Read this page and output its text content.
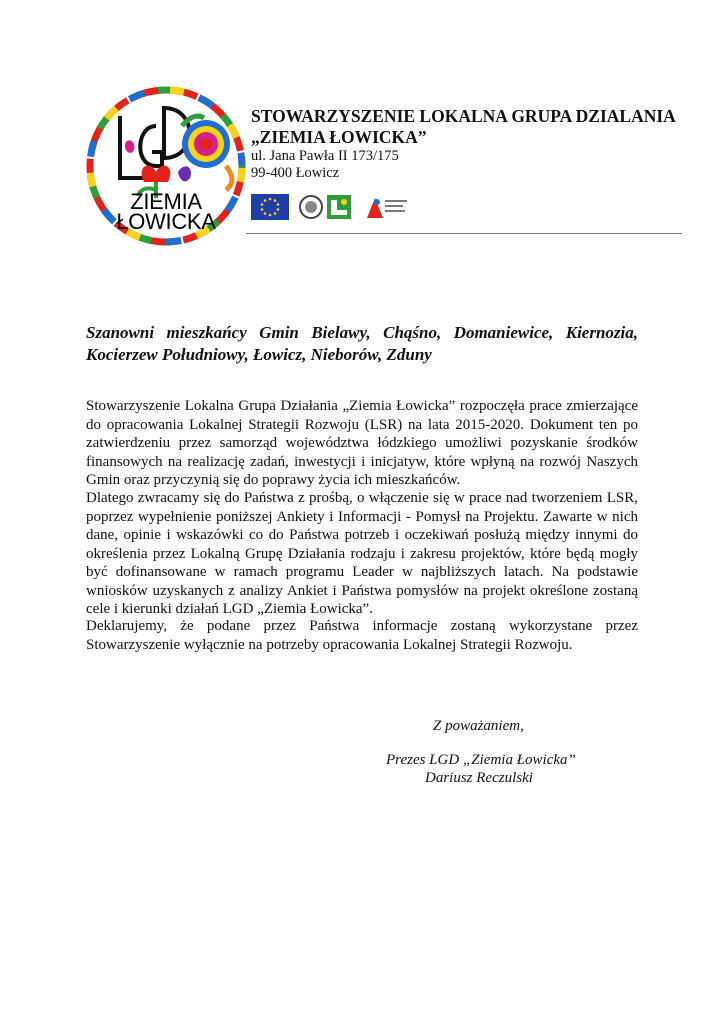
ZIEMIA
ŁOWICKA
STOWARZYSZENIE LOKALNA GRUPA DZIALANIA
„ZIEMIA ŁOWICKA”
ul. Jana Pawła II 173/175
99-400 Łowicz
Szanowni mieszkańcy Gmin Bielawy, Chąśno, Domaniewice, Kiernozia, Kocierzew Południowy, Łowicz, Nieborów, Zduny
Stowarzyszenie Lokalna Grupa Działania „Ziemia Łowicka” rozpoczęła prace zmierzające do opracowania Lokalnej Strategii Rozwoju (LSR) na lata 2015-2020. Dokument ten po zatwierdzeniu przez samorząd województwa łódzkiego umożliwi pozyskanie środków finansowych na realizację zadań, inwestycji i inicjatyw, które wpłyną na rozwój Naszych Gmin oraz przyczynią się do poprawy życia ich mieszkańców.
Dlatego zwracamy się do Państwa z prośbą, o włączenie się w prace nad tworzeniem LSR, poprzez wypełnienie poniższej Ankiety i Informacji - Pomysł na Projektu. Zawarte w nich dane, opinie i wskazówki co do Państwa potrzeb i oczekiwań posłużą między innymi do określenia przez Lokalną Grupę Działania rodzaju i zakresu projektów, które będą mogły być dofinansowane w ramach programu Leader w najbliższych latach. Na podstawie wniosków uzyskanych z analizy Ankiet i Państwa pomysłów na projekt określone zostaną cele i kierunki działań LGD „Ziemia Łowicka”.
Deklarujemy, że podane przez Państwa informacje zostaną wykorzystane przez Stowarzyszenie wyłącznie na potrzeby opracowania Lokalnej Strategii Rozwoju.
Z poważaniem,
Prezes LGD „Ziemia Łowicka”
Dariusz Reczulski
